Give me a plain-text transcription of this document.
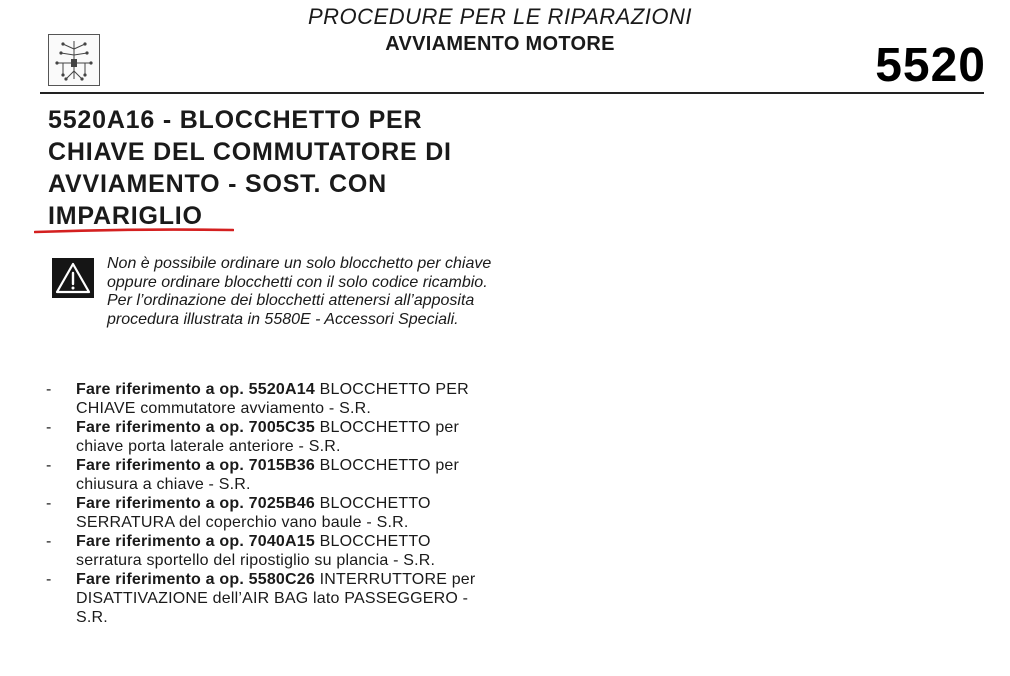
PROCEDURE PER LE RIPARAZIONI
AVVIAMENTO MOTORE	5520
5520A16 - BLOCCHETTO PER CHIAVE DEL COMMUTATORE DI AVVIAMENTO - SOST. CON IMPARIGLIO
Non è possibile ordinare un solo blocchetto per chiave oppure ordinare blocchetti con il solo codice ricambio. Per l’ordinazione dei blocchetti attenersi all’apposita procedura illustrata in 5580E - Accessori Speciali.
- Fare riferimento a op. 5520A14 BLOCCHETTO PER CHIAVE commutatore avviamento - S.R.
- Fare riferimento a op. 7005C35 BLOCCHETTO per chiave porta laterale anteriore - S.R.
- Fare riferimento a op. 7015B36 BLOCCHETTO per chiusura a chiave - S.R.
- Fare riferimento a op. 7025B46 BLOCCHETTO SERRATURA del coperchio vano baule - S.R.
- Fare riferimento a op. 7040A15 BLOCCHETTO serratura sportello del ripostiglio su plancia - S.R.
- Fare riferimento a op. 5580C26 INTERRUTTORE per DISATTIVAZIONE dell’AIR BAG lato PASSEGGERO - S.R.
